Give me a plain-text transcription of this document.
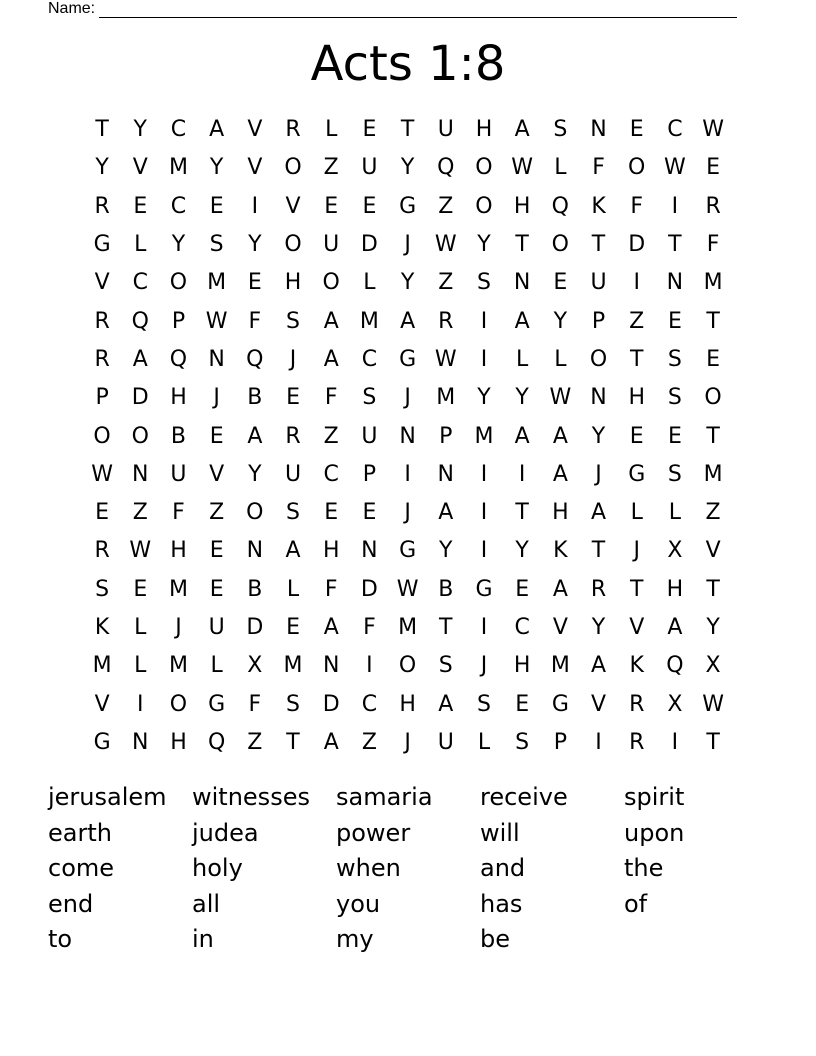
Name:
Acts 1:8
T	Y	C	A	V	R	L	E	T	U H	A	S	N	E	C W
Y	V M Y	V O Z	U	Y	Q O W L	F	O W E
R	E	C	E	I	V	E	E	G	Z O H Q	K	F	I	R
G	L	Y	S	Y	O U D	J	W Y	T	O	T	D	T	F
V	C O M E	H O	L	Y	Z	S	N	E	U	I	N M
R Q	P W F	S	A M A	R	I	A	Y	P	Z	E	T
R	A Q N Q	J	A	C G W	I	L	L	O	T	S	E
P	D H	J	B	E	F	S	J	M Y	Y W N H	S	O
O O B	E	A	R	Z	U N	P	M A	A	Y	E	E	T
W N U	V	Y	U	C	P	I	N	I	I	A	J	G	S M
E	Z	F	Z O	S	E	E	J	A	I	T	H	A	L	L	Z
R W H	E	N	A	H N G	Y	I	Y	K	T	J	X	V
S	E M E	B	L	F	D W B	G	E	A	R	T	H	T
K	L	J	U D	E	A	F	M T	I	C	V	Y	V	A	Y
M	L	M	L	X M N	I	O	S	J	H M A	K	Q X
V	I	O G	F	S	D	C	H	A	S	E	G	V	R	X W
G N H Q Z	T	A	Z	J	U	L	S	P	I	R	I	T
jerusalem	witnesses	samaria	receive	spirit
earth	judea	power	will	upon
come	holy	when	and	the
end	all	you	has	of
to	in	my	be
